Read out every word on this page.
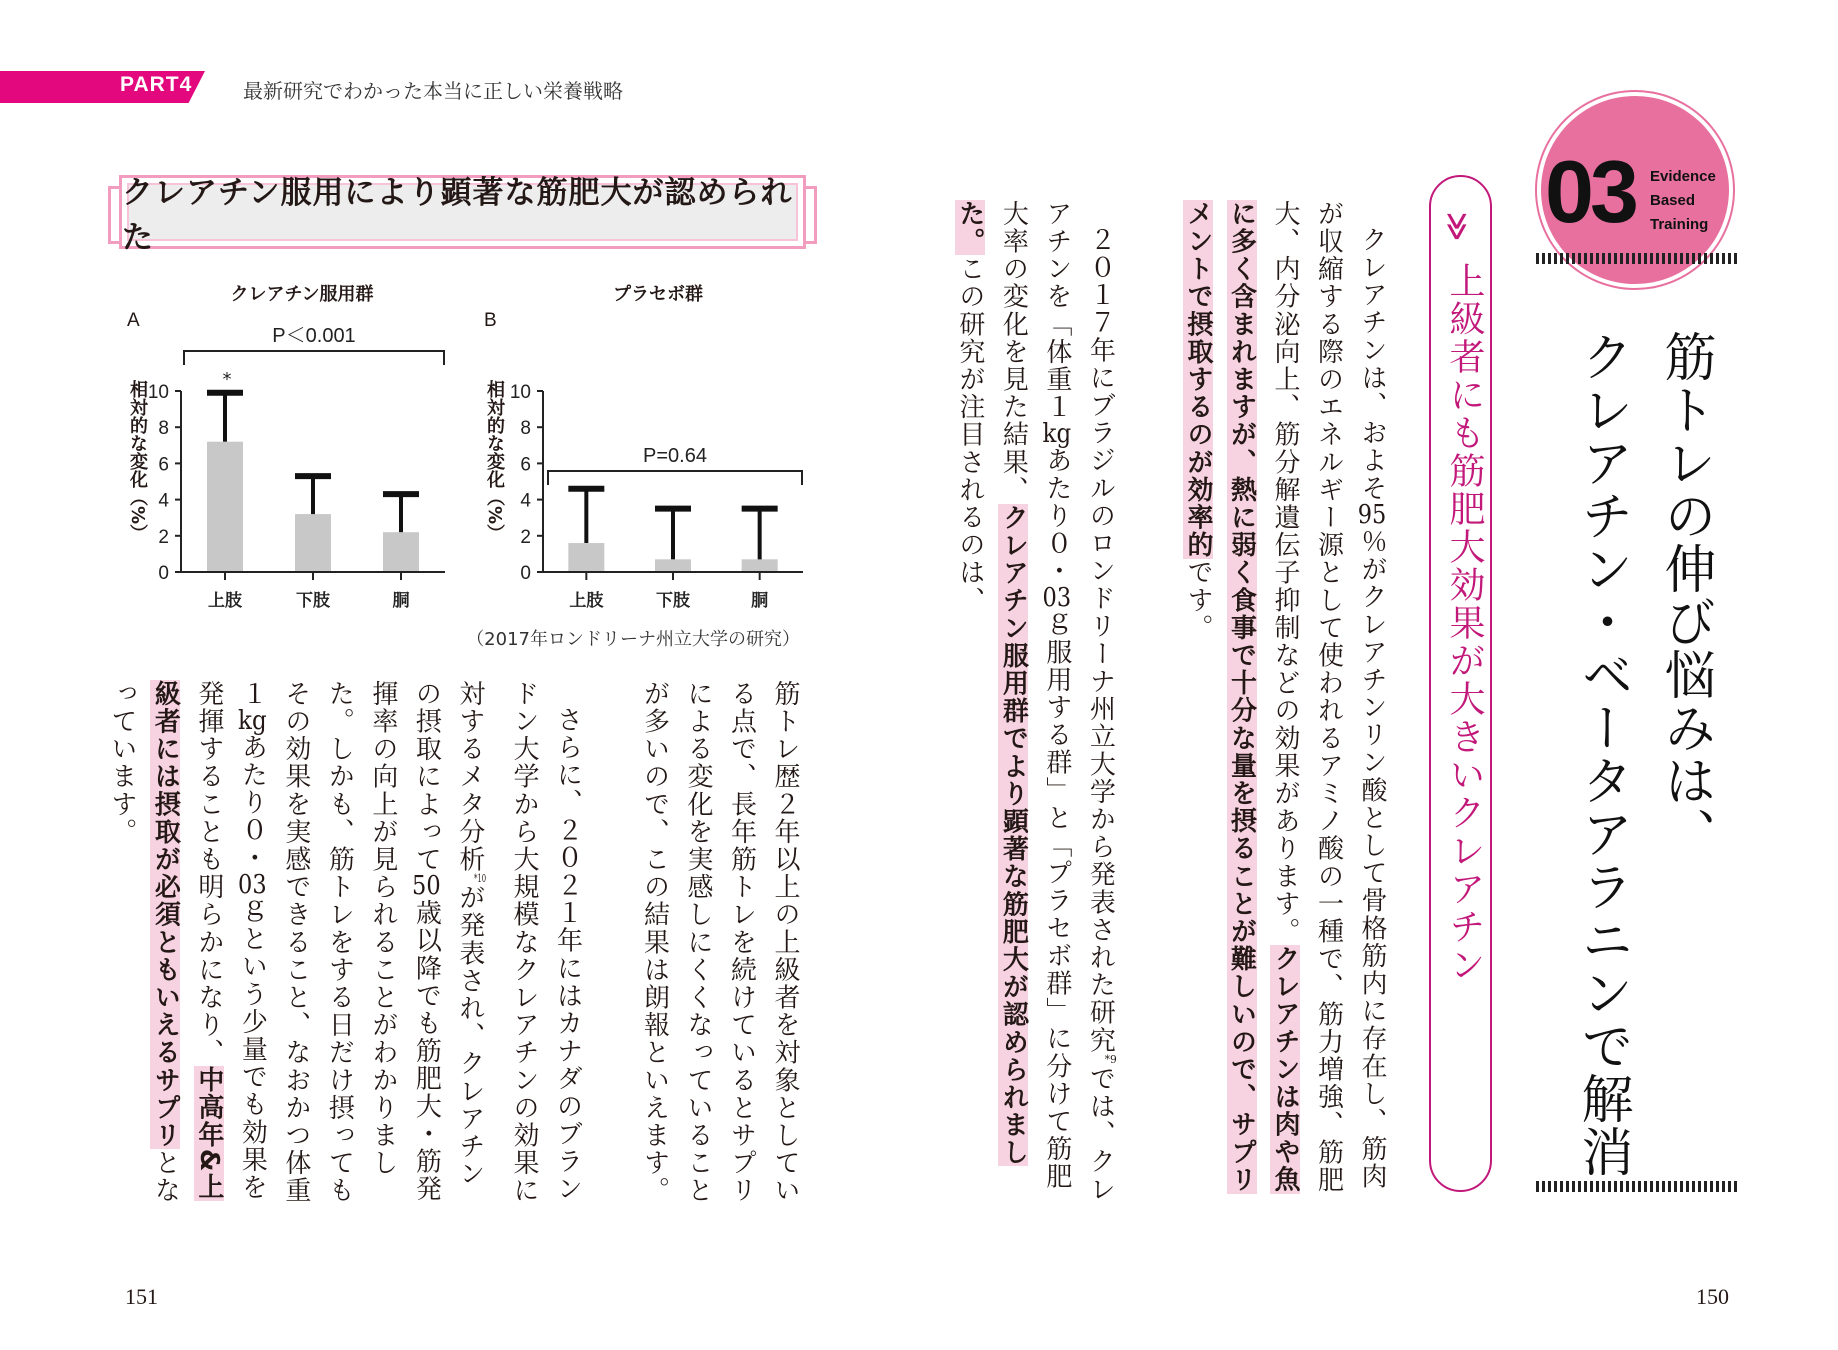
PART4	最新研究でわかった本当に正しい栄養戦略
クレアチン服用により顕著な筋肥大が認められた
クレアチン服用群	プラセボ群
A	B
相対的な変化（%）	相対的な変化（%）
0
2
4
6
8
10
上肢	下肢	胴
P＜0.001
*
0
2
4
6
8
10
上肢	下肢	胴
P=0.64
（2017年ロンドリーナ州立大学の研究）

筋トレ歴２年以上の上級者を対象としている点で、長年筋トレを続けているとサプリによる変化を実感しにくくなっていることが多いので、この結果は朗報といえます。

さらに、２０２１年にはカナダのブランドン大学から大規模なクレアチンの効果に対するメタ分析$^{*10}$が発表され、クレアチンの摂取によって50歳以降でも筋肥大・筋発揮率の向上が見られることがわかりました。しかも、筋トレをする日だけ摂ってもその効果を実感できること、なおかつ体重１kgあたり０・03ｇという少量でも効果を発揮することも明らかになり、中高年&上級者には摂取が必須ともいえるサプリとなっています。

クレアチンは、およそ95％がクレアチンリン酸として骨格筋内に存在し、筋肉が収縮する際のエネルギー源として使われるアミノ酸の一種で、筋力増強、筋肥大、内分泌向上、筋分解遺伝子抑制などの効果があります。クレアチンは肉や魚に多く含まれますが、熱に弱く食事で十分な量を摂ることが難しいので、サプリメントで摂取するのが効率的です。

２０１７年にブラジルのロンドリーナ州立大学から発表された研究$^{*9}$では、クレアチンを「体重１kgあたり０・03ｇ服用する群」と「プラセボ群」に分けて筋肥大率の変化を見た結果、クレアチン服用群でより顕著な筋肥大が認められました。この研究が注目されるのは、

151	150
03 Evidence
Based
Training
筋トレの伸び悩みは、
クレアチン・ベータアラニンで解消
≫
上級者にも筋肥大効果が大きいクレアチン
